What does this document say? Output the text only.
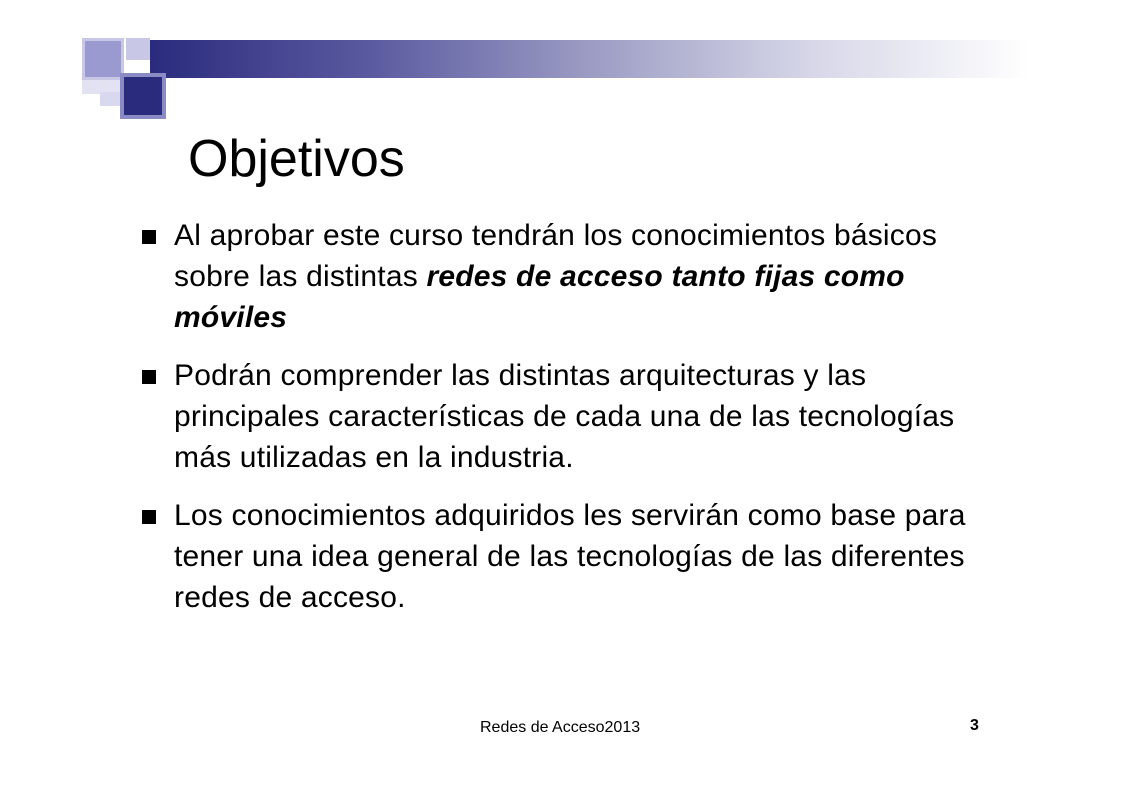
Objetivos
Al aprobar este curso tendrán los conocimientos básicos sobre las distintas redes de acceso tanto fijas como móviles
Podrán comprender las distintas arquitecturas y las principales características de cada una de las tecnologías más utilizadas en la industria.
Los conocimientos adquiridos les servirán como base para tener una idea general de las tecnologías de las diferentes redes de acceso.
Redes de Acceso2013	3
